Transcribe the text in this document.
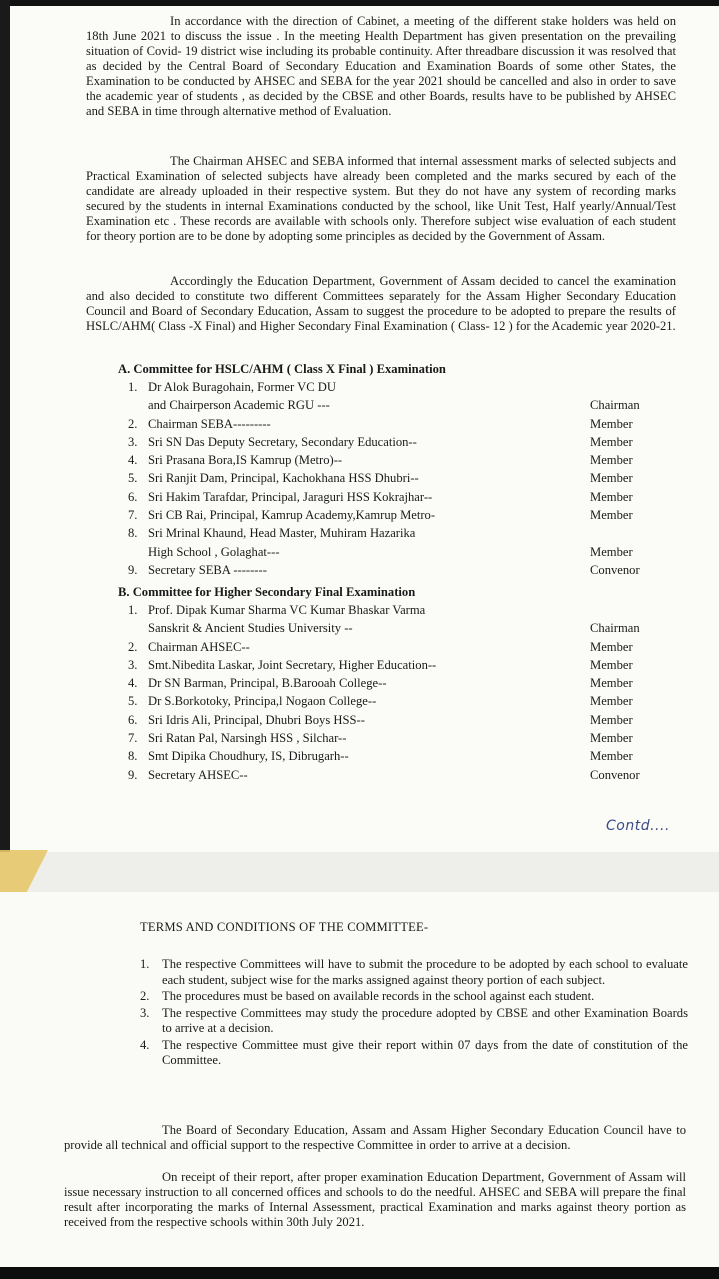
In accordance with the direction of Cabinet, a meeting of the different stake holders was held on 18th June 2021 to discuss the issue . In the meeting Health Department has given presentation on the prevailing situation of Covid- 19 district wise including its probable continuity. After threadbare discussion it was resolved that as decided by the Central Board of Secondary Education and Examination Boards of some other States, the Examination to be conducted by AHSEC and SEBA for the year 2021 should be cancelled and also in order to save the academic year of students , as decided by the CBSE and other Boards, results have to be published by AHSEC and SEBA in time through alternative method of Evaluation.

The Chairman AHSEC and SEBA informed that internal assessment marks of selected subjects and Practical Examination of selected subjects have already been completed and the marks secured by each of the candidate are already uploaded in their respective system. But they do not have any system of recording marks secured by the students in internal Examinations conducted by the school, like Unit Test, Half yearly/Annual/Test Examination etc . These records are available with schools only. Therefore subject wise evaluation of each student for theory portion are to be done by adopting some principles as decided by the Government of Assam.

Accordingly the Education Department, Government of Assam decided to cancel the examination and also decided to constitute two different Committees separately for the Assam Higher Secondary Education Council and Board of Secondary Education, Assam to suggest the procedure to be adopted to prepare the results of HSLC/AHM( Class -X Final) and Higher Secondary Final Examination ( Class- 12 ) for the Academic year 2020-21.

A. Committee for HSLC/AHM ( Class X Final ) Examination

1. Dr Alok Buragohain, Former VC DU
and Chairperson Academic RGU ---	Chairman
2. Chairman SEBA---------	Member
3. Sri SN Das Deputy Secretary, Secondary Education--	Member
4. Sri Prasana Bora,IS Kamrup (Metro)--	Member
5. Sri Ranjit Dam, Principal, Kachokhana HSS Dhubri--	Member
6. Sri Hakim Tarafdar, Principal, Jaraguri HSS Kokrajhar--	Member
7. Sri CB Rai, Principal, Kamrup Academy,Kamrup Metro-	Member
8. Sri Mrinal Khaund, Head Master, Muhiram Hazarika
High School , Golaghat---	Member
9. Secretary SEBA --------	Convenor

B. Committee for Higher Secondary Final Examination

1. Prof. Dipak Kumar Sharma VC Kumar Bhaskar Varma
Sanskrit & Ancient Studies University --	Chairman
2. Chairman AHSEC--	Member
3. Smt.Nibedita Laskar, Joint Secretary, Higher Education--	Member
4. Dr SN Barman, Principal, B.Barooah College--	Member
5. Dr S.Borkotoky, Principa,l Nogaon College--	Member
6. Sri Idris Ali, Principal, Dhubri Boys HSS--	Member
7. Sri Ratan Pal, Narsingh HSS , Silchar--	Member
8. Smt Dipika Choudhury, IS, Dibrugarh--	Member
9. Secretary AHSEC--	Convenor
Contd....

TERMS AND CONDITIONS OF THE COMMITTEE-

1. The respective Committees will have to submit the procedure to be adopted by each school to evaluate each student, subject wise for the marks assigned against theory portion of each subject.
2. The procedures must be based on available records in the school against each student.
3. The respective Committees may study the procedure adopted by CBSE and other Examination Boards to arrive at a decision.
4. The respective Committee must give their report within 07 days from the date of constitution of the Committee.

The Board of Secondary Education, Assam and Assam Higher Secondary Education Council have to provide all technical and official support to the respective Committee in order to arrive at a decision.

On receipt of their report, after proper examination Education Department, Government of Assam will issue necessary instruction to all concerned offices and schools to do the needful. AHSEC and SEBA will prepare the final result after incorporating the marks of Internal Assessment, practical Examination and marks against theory portion as received from the respective schools within 30th July 2021.
